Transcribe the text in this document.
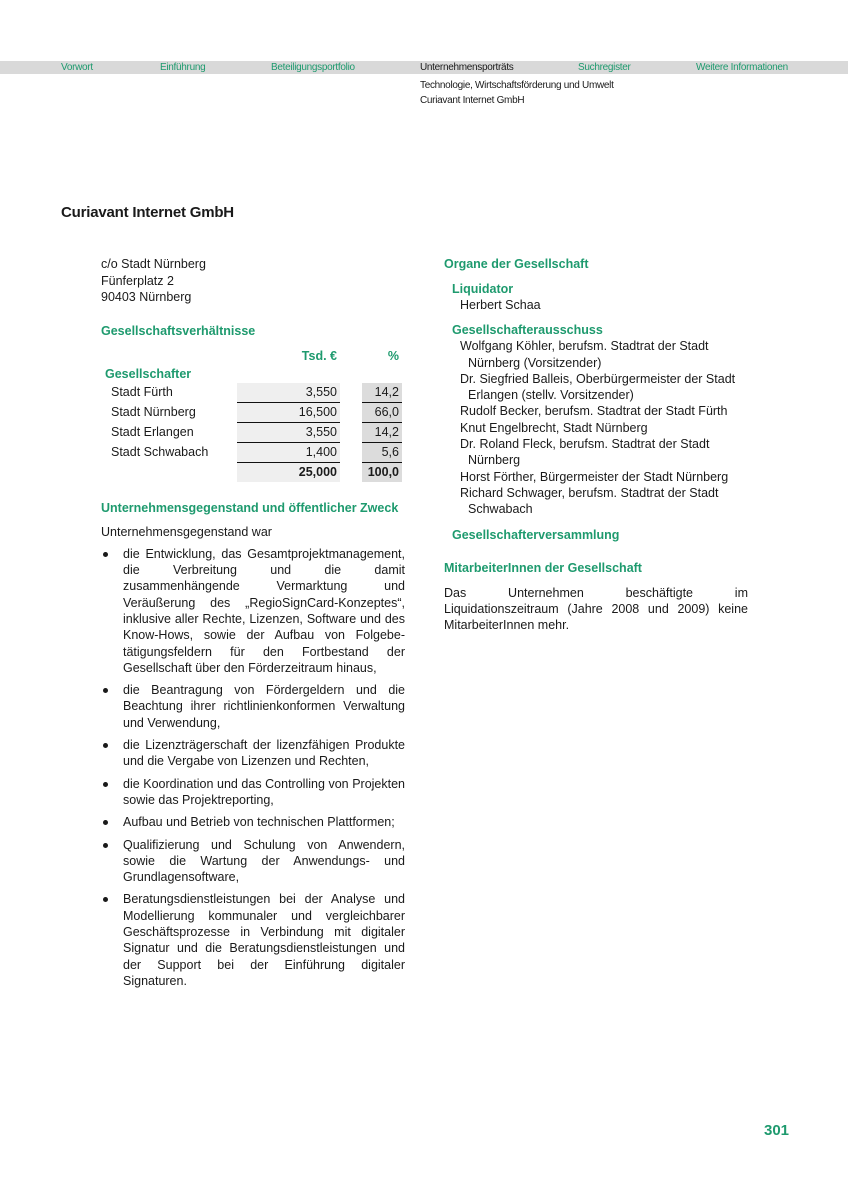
Vorwort	Einführung	Beteiligungsportfolio	Unternehmensporträts	Suchregister	Weitere Informationen
Technologie, Wirtschaftsförderung und Umwelt
Curiavant Internet GmbH
Curiavant Internet GmbH
c/o Stadt Nürnberg
Fünferplatz 2
90403 Nürnberg
Gesellschaftsverhältnisse
	Tsd. €		%
Gesellschafter			
Stadt Fürth	3,550		14,2
Stadt Nürnberg	16,500		66,0
Stadt Erlangen	3,550		14,2
Stadt Schwabach	1,400		5,6
	25,000		100,0
Unternehmensgegenstand und öffentlicher Zweck
Unternehmensgegenstand war
die Entwicklung, das Gesamtprojektmanagement, die Verbreitung und die damit zusammenhängende Vermarktung und Veräußerung des „RegioSignCard-Konzeptes“, inklusive aller Rechte, Lizenzen, Software und des Know-Hows, sowie der Aufbau von Folgebetätigungsfeldern für den Fortbestand der Gesellschaft über den Förderzeitraum hinaus,
die Beantragung von Fördergeldern und die Beachtung ihrer richtlinienkonformen Verwaltung und Verwendung,
die Lizenzträgerschaft der lizenzfähigen Produkte und die Vergabe von Lizenzen und Rechten,
die Koordination und das Controlling von Projekten sowie das Projektreporting,
Aufbau und Betrieb von technischen Plattformen;
Qualifizierung und Schulung von Anwendern, sowie die Wartung der Anwendungs- und Grundlagensoftware,
Beratungsdienstleistungen bei der Analyse und Modellierung kommunaler und vergleichbarer Geschäftsprozesse in Verbindung mit digitaler Signatur und die Beratungsdienstleistungen und der Support bei der Einführung digitaler Signaturen.
Organe der Gesellschaft
Liquidator
Herbert Schaa
Gesellschafterausschuss
Wolfgang Köhler, berufsm. Stadtrat der Stadt Nürnberg (Vorsitzender)
Dr. Siegfried Balleis, Oberbürgermeister der Stadt Erlangen (stellv. Vorsitzender)
Rudolf Becker, berufsm. Stadtrat der Stadt Fürth
Knut Engelbrecht, Stadt Nürnberg
Dr. Roland Fleck, berufsm. Stadtrat der Stadt Nürnberg
Horst Förther, Bürgermeister der Stadt Nürnberg
Richard Schwager, berufsm. Stadtrat der Stadt Schwabach
Gesellschafterversammlung
MitarbeiterInnen der Gesellschaft
Das Unternehmen beschäftigte im Liquidationszeitraum (Jahre 2008 und 2009) keine MitarbeiterInnen mehr.
301
